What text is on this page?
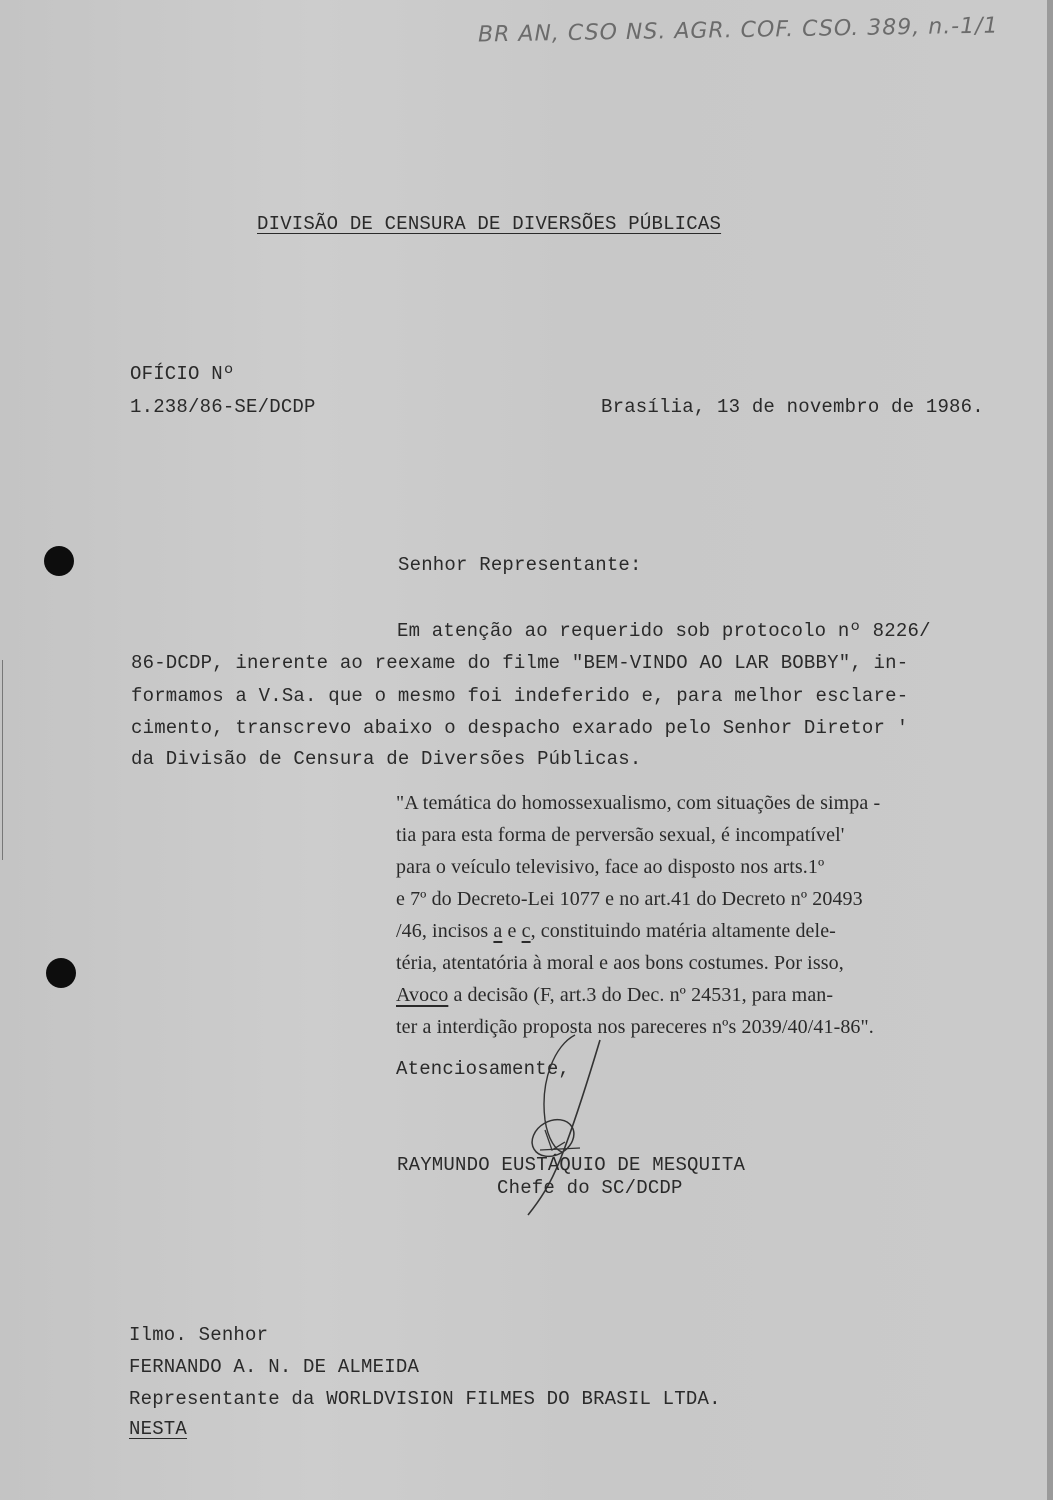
BR AN, CSO NS. AGR. COF. CSO. 389, n.-1/1
DIVISÃO DE CENSURA DE DIVERSÕES PÚBLICAS
OFÍCIO Nº
1.238/86-SE/DCDP	Brasília, 13 de novembro de 1986.
Senhor Representante:
Em atenção ao requerido sob protocolo nº 8226/
86-DCDP, inerente ao reexame do filme "BEM-VINDO AO LAR BOBBY", in-
formamos a V.Sa. que o mesmo foi indeferido e, para melhor esclare-
cimento, transcrevo abaixo o despacho exarado pelo Senhor Diretor '
da Divisão de Censura de Diversões Públicas.
"A temática do homossexualismo, com situações de simpa -
tia para esta forma de perversão sexual, é incompatível'
para o veículo televisivo, face ao disposto nos arts.1º
e 7º do Decreto-Lei 1077 e no art.41 do Decreto nº 20493
/46, incisos a e c, constituindo matéria altamente dele-
téria, atentatória à moral e aos bons costumes. Por isso,
Avoco a decisão (F, art.3 do Dec. nº 24531, para man-
ter a interdição proposta nos pareceres nºs 2039/40/41-86".
Atenciosamente,
RAYMUNDO EUSTÁQUIO DE MESQUITA
Chefe do SC/DCDP
Ilmo. Senhor
FERNANDO A. N. DE ALMEIDA
Representante da WORLDVISION FILMES DO BRASIL LTDA.
NESTA
